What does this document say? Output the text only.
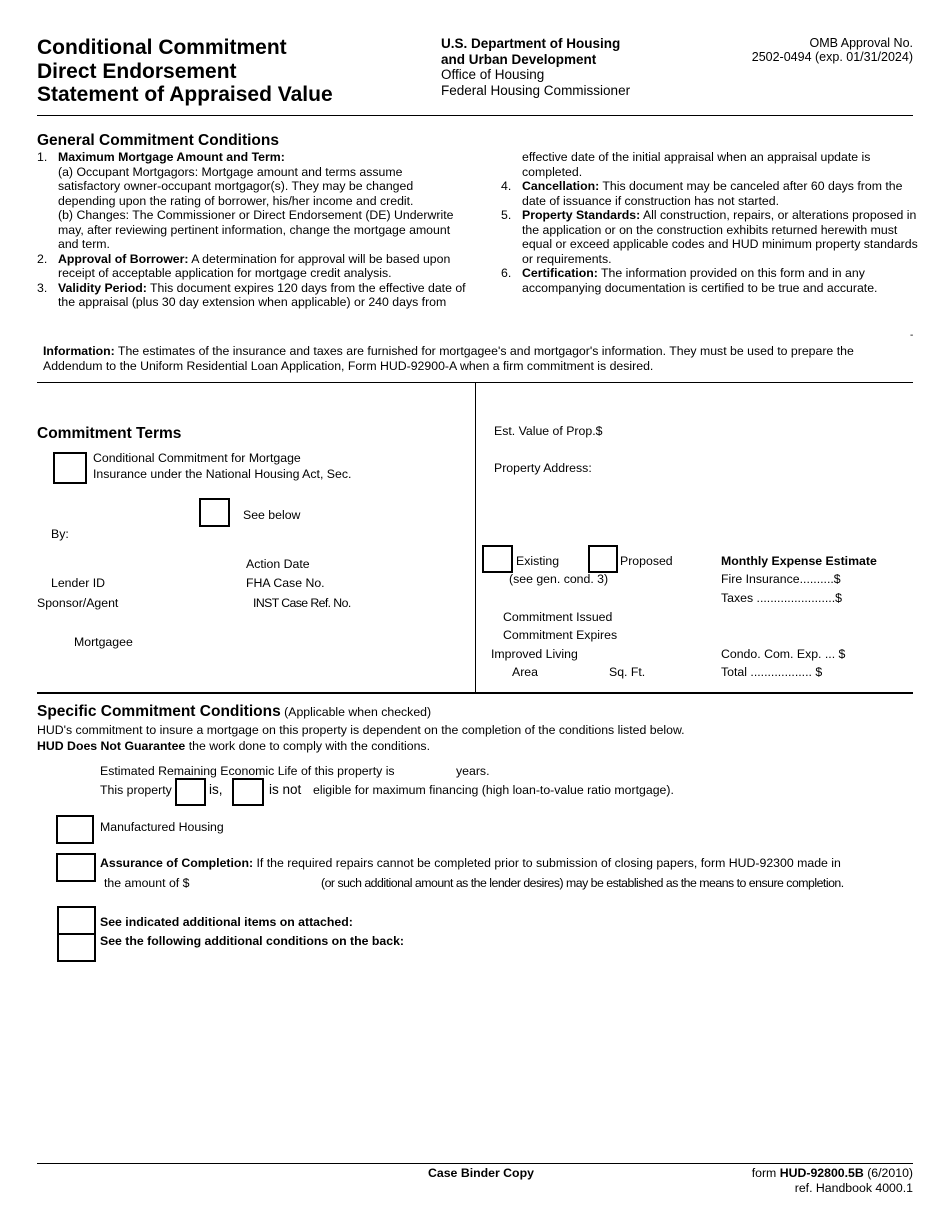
Conditional Commitment
Direct Endorsement
Statement of Appraised Value
U.S. Department of Housing
and Urban Development
Office of Housing
Federal Housing Commissioner
OMB Approval No.
2502-0494 (exp. 01/31/2024)
General Commitment Conditions
1. Maximum Mortgage Amount and Term:
(a) Occupant Mortgagors: Mortgage amount and terms assume
satisfactory owner-occupant mortgagor(s). They may be changed
depending upon the rating of borrower, his/her income and credit.
(b) Changes: The Commissioner or Direct Endorsement (DE) Underwrite
may, after reviewing pertinent information, change the mortgage amount
and term.
2. Approval of Borrower: A determination for approval will be based upon receipt of acceptable application for mortgage credit analysis.
3. Validity Period: This document expires 120 days from the effective date of the appraisal (plus 30 day extension when applicable) or 240 days from
effective date of the initial appraisal when an appraisal update is completed.
4. Cancellation: This document may be canceled after 60 days from the date of issuance if construction has not started.
5. Property Standards: All construction, repairs, or alterations proposed in the application or on the construction exhibits returned herewith must equal or exceed applicable codes and HUD minimum property standards or requirements.
6. Certification: The information provided on this form and in any accompanying documentation is certified to be true and accurate.
-
Information: The estimates of the insurance and taxes are furnished for mortgagee's and mortgagor's information. They must be used to prepare the Addendum to the Uniform Residential Loan Application, Form HUD-92900-A when a firm commitment is desired.
Commitment Terms
Conditional Commitment for Mortgage
Insurance under the National Housing Act, Sec.
See below
By:
Action Date
Lender ID	FHA Case No.
Sponsor/Agent	INST Case Ref. No.
Mortgagee
Est. Value of Prop.$
Property Address:
Existing	Proposed
(see gen. cond. 3)
Commitment Issued
Commitment Expires
Improved Living
Area	Sq. Ft.
Monthly Expense Estimate
Fire Insurance..........$
Taxes .......................$
Condo. Com. Exp. ... $
Total .................. $
Specific Commitment Conditions (Applicable when checked)
HUD's commitment to insure a mortgage on this property is dependent on the completion of the conditions listed below.
HUD Does Not Guarantee the work done to comply with the conditions.
Estimated Remaining Economic Life of this property is	years.
This property	is,	is not eligible for maximum financing (high loan-to-value ratio mortgage).
Manufactured Housing
Assurance of Completion: If the required repairs cannot be completed prior to submission of closing papers, form HUD-92300 made in
the amount of $	(or such additional amount as the lender desires) may be established as the means to ensure completion.
See indicated additional items on attached:
See the following additional conditions on the back:
Case Binder Copy	form HUD-92800.5B (6/2010)
ref. Handbook 4000.1
